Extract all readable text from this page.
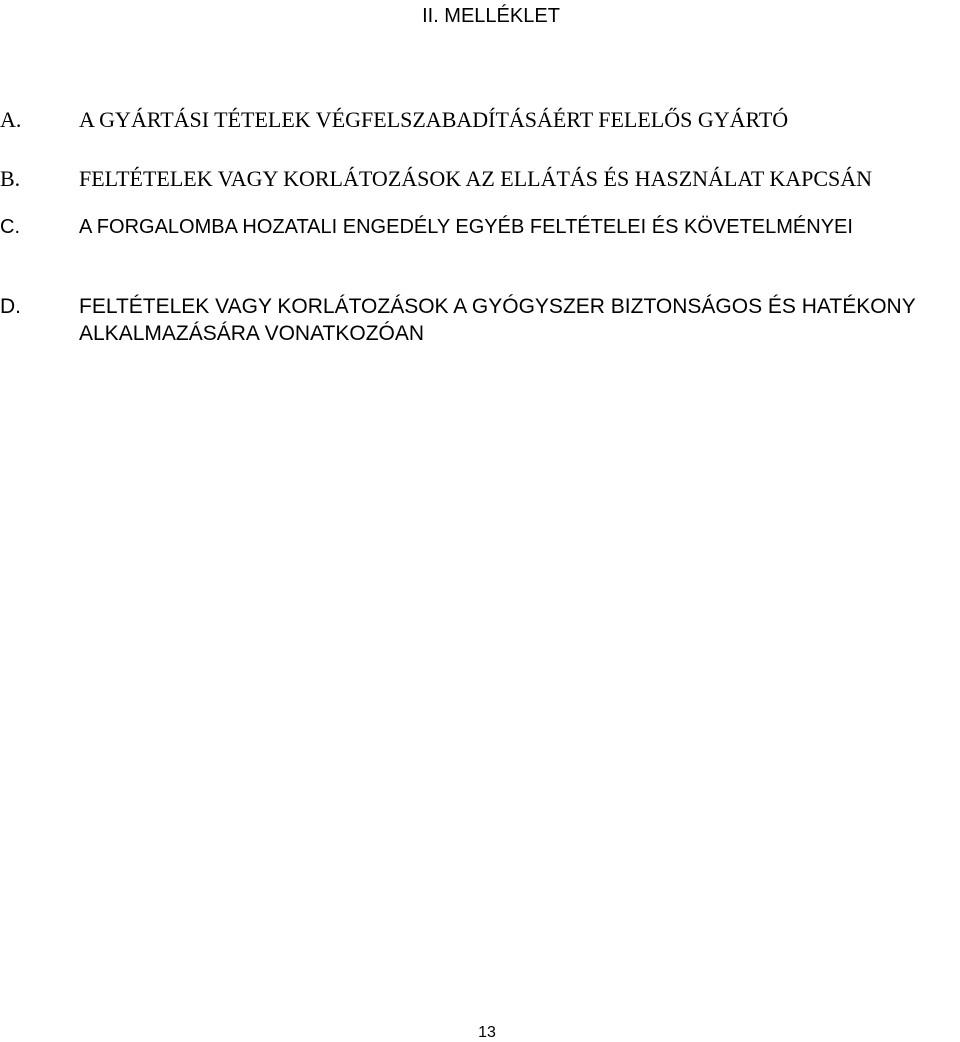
II. MELLÉKLET
A.	A GYÁRTÁSI TÉTELEK VÉGFELSZABADÍTÁSÁÉRT FELELŐS GYÁRTÓ
B.	FELTÉTELEK VAGY KORLÁTOZÁSOK AZ ELLÁTÁS ÉS HASZNÁLAT KAPCSÁN
C.	A FORGALOMBA HOZATALI ENGEDÉLY EGYÉB FELTÉTELEI ÉS KÖVETELMÉNYEI
D.	FELTÉTELEK VAGY KORLÁTOZÁSOK A GYÓGYSZER BIZTONSÁGOS ÉS HATÉKONY ALKALMAZÁSÁRA VONATKOZÓAN
13
